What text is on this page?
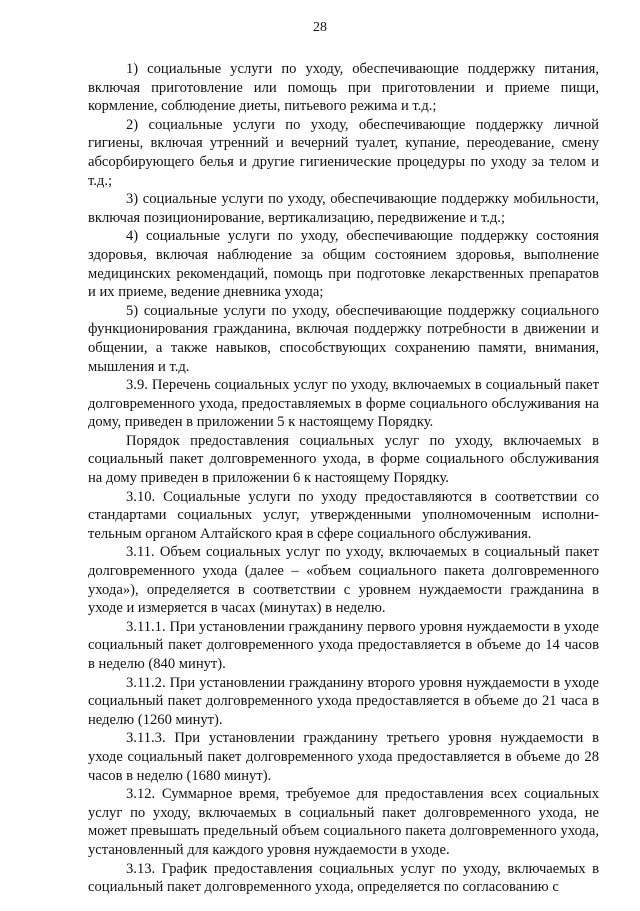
28

1) социальные услуги по уходу, обеспечивающие поддержку питания, включая приготовление или помощь при приготовлении и приеме пищи, кормление, соблюдение диеты, питьевого режима и т.д.;

2) социальные услуги по уходу, обеспечивающие поддержку личной гигиены, включая утренний и вечерний туалет, купание, переодевание, смену абсорбирующего белья и другие гигиенические процедуры по уходу за телом и т.д.;

3) социальные услуги по уходу, обеспечивающие поддержку мобильности, включая позиционирование, вертикализацию, передвижение и т.д.;

4) социальные услуги по уходу, обеспечивающие поддержку состояния здоровья, включая наблюдение за общим состоянием здоровья, выполнение медицинских рекомендаций, помощь при подготовке лекарственных препаратов и их приеме, ведение дневника ухода;

5) социальные услуги по уходу, обеспечивающие поддержку социального функционирования гражданина, включая поддержку потребности в движении и общении, а также навыков, способствующих сохранению памяти, внимания, мышления и т.д.

3.9. Перечень социальных услуг по уходу, включаемых в социальный пакет долговременного ухода, предоставляемых в форме социального обслуживания на дому, приведен в приложении 5 к настоящему Порядку.

Порядок предоставления социальных услуг по уходу, включаемых в социальный пакет долговременного ухода, в форме социального обслуживания на дому приведен в приложении 6 к настоящему Порядку.

3.10. Социальные услуги по уходу предоставляются в соответствии со стандартами социальных услуг, утвержденными уполномоченным исполнительным органом Алтайского края в сфере социального обслуживания.

3.11. Объем социальных услуг по уходу, включаемых в социальный пакет долговременного ухода (далее – «объем социального пакета долговременного ухода»), определяется в соответствии с уровнем нуждаемости гражданина в уходе и измеряется в часах (минутах) в неделю.

3.11.1. При установлении гражданину первого уровня нуждаемости в уходе социальный пакет долговременного ухода предоставляется в объеме до 14 часов в неделю (840 минут).

3.11.2. При установлении гражданину второго уровня нуждаемости в уходе социальный пакет долговременного ухода предоставляется в объеме до 21 часа в неделю (1260 минут).

3.11.3. При установлении гражданину третьего уровня нуждаемости в уходе социальный пакет долговременного ухода предоставляется в объеме до 28 часов в неделю (1680 минут).

3.12. Суммарное время, требуемое для предоставления всех социальных услуг по уходу, включаемых в социальный пакет долговременного ухода, не может превышать предельный объем социального пакета долговременного ухода, установленный для каждого уровня нуждаемости в уходе.

3.13. График предоставления социальных услуг по уходу, включаемых в социальный пакет долговременного ухода, определяется по согласованию с
